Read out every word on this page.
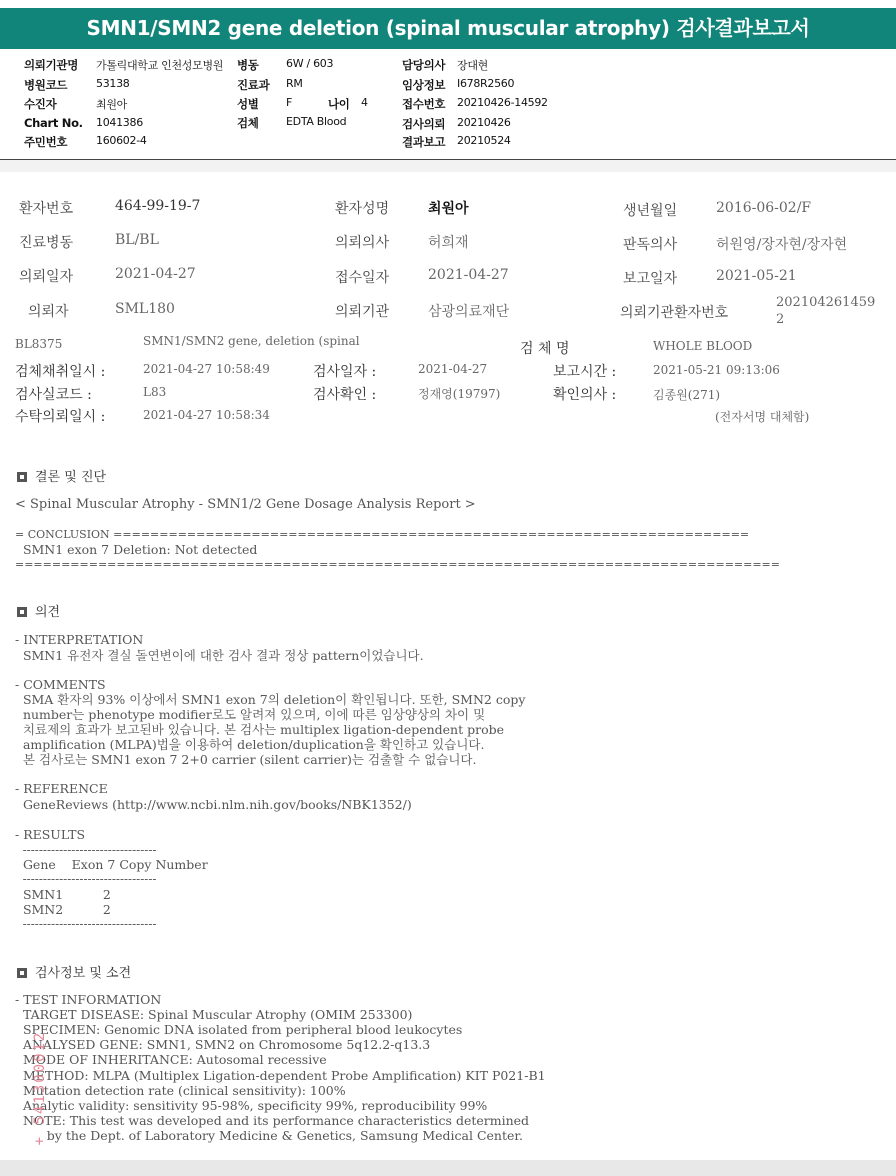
SMN1/SMN2 gene deletion (spinal muscular atrophy) 검사결과보고서
의뢰기관명 가톨릭대학교 인천성모병원 병동 6W / 603	담당의사 장대현
병원코드	53138	진료과 RM	임상정보 I678R2560
수진자	최원아	성별 F	나이 4	접수번호 20210426-14592
Chart No. 1041386	검체 EDTA Blood	검사의뢰 20210426
주민번호	160602-4	결과보고 20210524
환자번호	464-99-19-7	환자성명	최원아	생년월일	2016-06-02/F
진료병동	BL/BL	의뢰의사	허희재	판독의사	허원영/장자현/장자현
의뢰일자	2021-04-27	접수일자	2021-04-27	보고일자	2021-05-21
의뢰자	SML180	의뢰기관	삼광의료재단	의뢰기관환자번호
202104261459
2
BL8375	SMN1/SMN2 gene, deletion (spinal	검 체 명	WHOLE BLOOD
검체채취일시 :	2021-04-27 10:58:49	검사일자 :	2021-04-27	보고시간 :	2021-05-21 09:13:06
검사실코드 :	L83	검사확인 :	정재영(19797)	확인의사 :	김종원(271)
수탁의뢰일시 :	2021-04-27 10:58:34	(전자서명 대체함)
결론 및 진단
< Spinal Muscular Atrophy - SMN1/2 Gene Dosage Analysis Report >
= CONCLUSION =====================================================================
SMN1 exon 7 Deletion: Not detected
===================================================================================
의견
- INTERPRETATION
SMN1 유전자 결실 돌연변이에 대한 검사 결과 정상 pattern이었습니다.
- COMMENTS
SMA 환자의 93% 이상에서 SMN1 exon 7의 deletion이 확인됩니다. 또한, SMN2 copy
number는 phenotype modifier로도 알려져 있으며, 이에 따른 임상양상의 차이 및
치료제의 효과가 보고된바 있습니다. 본 검사는 multiplex ligation-dependent probe
amplification (MLPA)법을 이용하여 deletion/duplication을 확인하고 있습니다.
본 검사로는 SMN1 exon 7 2+0 carrier (silent carrier)는 검출할 수 없습니다.
- REFERENCE
GeneReviews (http://www.ncbi.nlm.nih.gov/books/NBK1352/)
- RESULTS
---------------------------------
Gene    Exon 7 Copy Number
---------------------------------
SMN1          2
SMN2          2
---------------------------------
검사정보 및 소견
- TEST INFORMATION
TARGET DISEASE: Spinal Muscular Atrophy (OMIM 253300)
SPECIMEN: Genomic DNA isolated from peripheral blood leukocytes
ANALYSED GENE: SMN1, SMN2 on Chromosome 5q12.2-q13.3
MODE OF INHERITANCE: Autosomal recessive
METHOD: MLPA (Multiplex Ligation-dependent Probe Amplification) KIT P021-B1
Mutation detection rate (clinical sensitivity): 100%
Analytic validity: sensitivity 95-98%, specificity 99%, reproducibility 99%
NOTE: This test was developed and its performance characteristics determined
by the Dept. of Laboratory Medicine & Genetics, Samsung Medical Center.
+ 541300012
